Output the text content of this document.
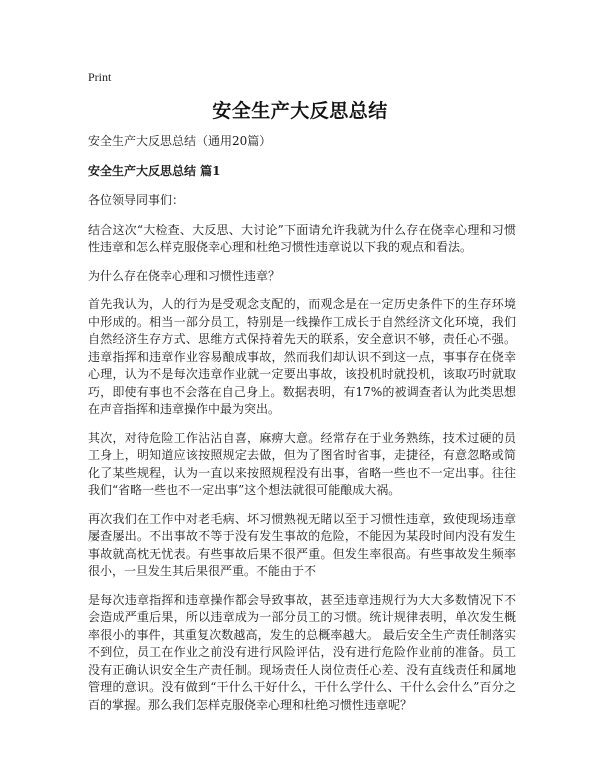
Print
安全生产大反思总结

安全生产大反思总结（通用20篇）

安全生产大反思总结 篇1

各位领导同事们：

结合这次“大检查、大反思、大讨论”下面请允许我就为什么存在侥幸心理和习惯性违章和怎么样克服侥幸心理和杜绝习惯性违章说以下我的观点和看法。

为什么存在侥幸心理和习惯性违章？

首先我认为，人的行为是受观念支配的，而观念是在一定历史条件下的生存环境中形成的。相当一部分员工，特别是一线操作工成长于自然经济文化环境，我们自然经济生存方式、思维方式保持着先天的联系，安全意识不够，责任心不强。违章指挥和违章作业容易酿成事故，然而我们却认识不到这一点，事事存在侥幸心理，认为不是每次违章作业就一定要出事故，该投机时就投机，该取巧时就取巧，即使有事也不会落在自己身上。数据表明，有17%的被调查者认为此类思想在声音指挥和违章操作中最为突出。

其次，对待危险工作沾沾自喜，麻痹大意。经常存在于业务熟练，技术过硬的员工身上，明知道应该按照规定去做，但为了图省时省事，走捷径，有意忽略或简化了某些规程，认为一直以来按照规程没有出事，省略一些也不一定出事。往往我们“省略一些也不一定出事”这个想法就很可能酿成大祸。

再次我们在工作中对老毛病、坏习惯熟视无睹以至于习惯性违章，致使现场违章屡查屡出。不出事故不等于没有发生事故的危险，不能因为某段时间内没有发生事故就高枕无忧表。有些事故后果不很严重。但发生率很高。有些事故发生频率很小，一旦发生其后果很严重。不能由于不

是每次违章指挥和违章操作都会导致事故，甚至违章违规行为大大多数情况下不会造成严重后果，所以违章成为一部分员工的习惯。统计规律表明，单次发生概率很小的事件，其重复次数越高，发生的总概率越大。 最后安全生产责任制落实不到位，员工在作业之前没有进行风险评估，没有进行危险作业前的准备。员工没有正确认识安全生产责任制。现场责任人岗位责任心差、没有直线责任和属地管理的意识。没有做到“干什么干好什么，干什么学什么、干什么会什么”百分之百的掌握。那么我们怎样克服侥幸心理和杜绝习惯性违章呢？
